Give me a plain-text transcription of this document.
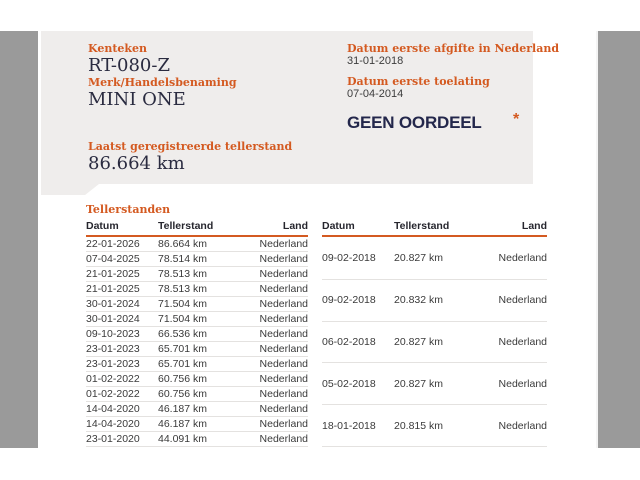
Kenteken
RT-080-Z
Merk/Handelsbenaming
MINI ONE
Laatst geregistreerde tellerstand
86.664 km
Datum eerste afgifte in Nederland
31-01-2018
Datum eerste toelating
07-04-2014
GEEN OORDEEL *
Tellerstanden
Datum	Tellerstand	Land
22-01-2026	86.664 km	Nederland
07-04-2025	78.514 km	Nederland
21-01-2025	78.513 km	Nederland
21-01-2025	78.513 km	Nederland
30-01-2024	71.504 km	Nederland
30-01-2024	71.504 km	Nederland
09-10-2023	66.536 km	Nederland
23-01-2023	65.701 km	Nederland
23-01-2023	65.701 km	Nederland
01-02-2022	60.756 km	Nederland
01-02-2022	60.756 km	Nederland
14-04-2020	46.187 km	Nederland
14-04-2020	46.187 km	Nederland
23-01-2020	44.091 km	Nederland
Datum	Tellerstand	Land
09-02-2018	20.827 km	Nederland
09-02-2018	20.832 km	Nederland
06-02-2018	20.827 km	Nederland
05-02-2018	20.827 km	Nederland
18-01-2018	20.815 km	Nederland
